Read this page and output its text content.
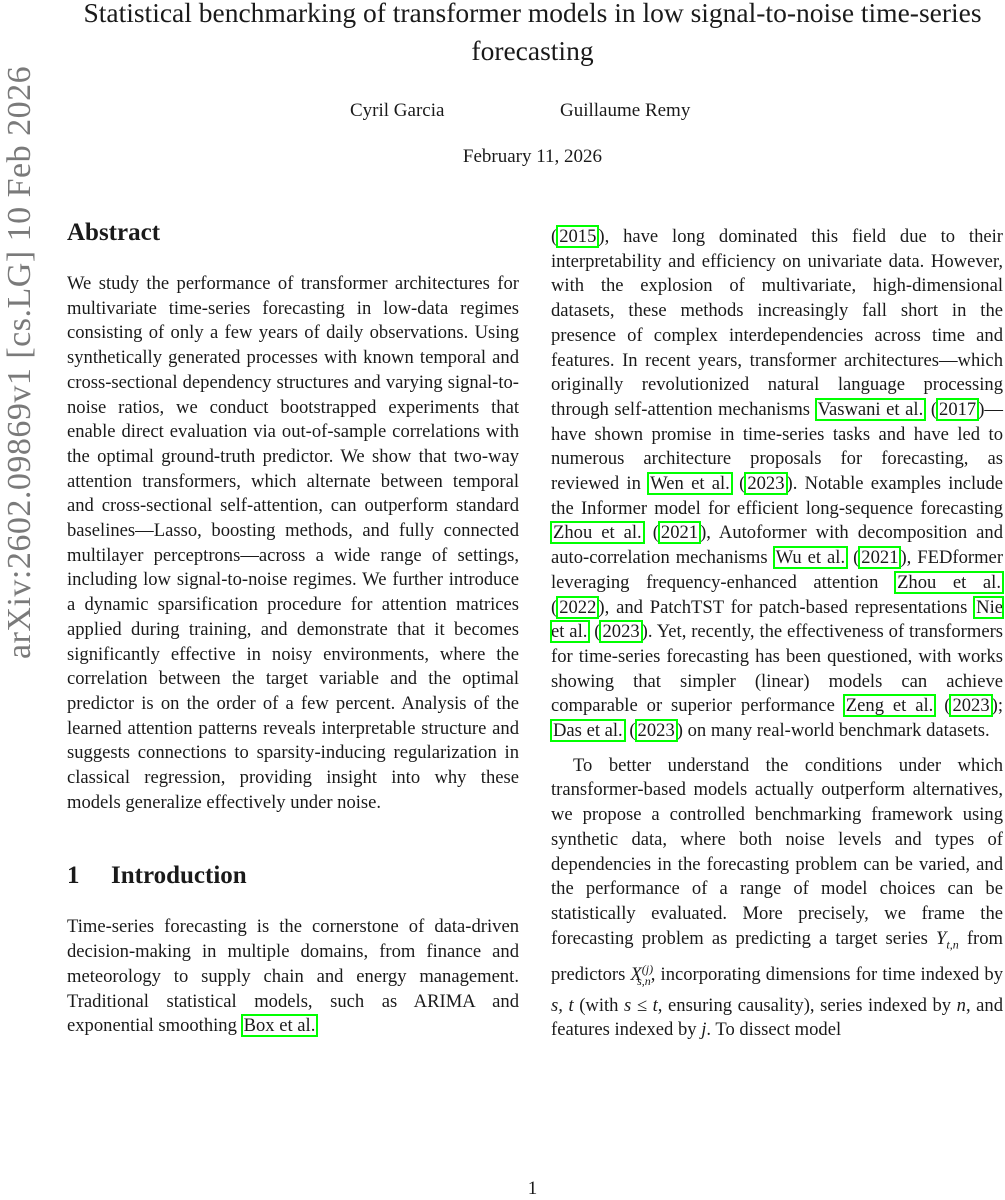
Statistical benchmarking of transformer models in low signal-to-noise time-series forecasting
Cyril Garcia	Guillaume Remy
February 11, 2026
arXiv:2602.09869v1 [cs.LG] 10 Feb 2026 Abstract

We study the performance of transformer architectures for multivariate time-series forecasting in low-data regimes consisting of only a few years of daily observations. Using synthetically generated processes with known temporal and cross-sectional dependency structures and varying signal-to-noise ratios, we conduct bootstrapped experiments that enable direct evaluation via out-of-sample correlations with the optimal ground-truth predictor. We show that two-way attention transformers, which alternate between temporal and cross-sectional self-attention, can outperform standard baselines—Lasso, boosting methods, and fully connected multilayer perceptrons—across a wide range of settings, including low signal-to-noise regimes. We further introduce a dynamic sparsification procedure for attention matrices applied during training, and demonstrate that it becomes significantly effective in noisy environments, where the correlation between the target variable and the optimal predictor is on the order of a few percent. Analysis of the learned attention patterns reveals interpretable structure and suggests connections to sparsity-inducing regularization in classical regression, providing insight into why these models generalize effectively under noise.

1 Introduction

Time-series forecasting is the cornerstone of data-driven decision-making in multiple domains, from finance and meteorology to supply chain and energy management. Traditional statistical models, such as ARIMA and exponential smoothing Box et al.

( 2015 ), have long dominated this field due to their interpretability and efficiency on univariate data. However, with the explosion of multivariate, high-dimensional datasets, these methods increasingly fall short in the presence of complex interdependencies across time and features. In recent years, transformer architectures—which originally revolutionized natural language processing through self-attention mechanisms Vaswani et al. ( 2017 )—have shown promise in time-series tasks and have led to numerous architecture proposals for forecasting, as reviewed in Wen et al. ( 2023 ). Notable examples include the Informer model for efficient long-sequence forecasting Zhou et al. ( 2021 ), Autoformer with decomposition and auto-correlation mechanisms Wu et al. ( 2021 ), FEDformer leveraging frequency-enhanced attention Zhou et al. ( 2022 ), and PatchTST for patch-based representations Nie et al. ( 2023 ). Yet, recently, the effectiveness of transformers for time-series forecasting has been questioned, with works showing that simpler (linear) models can achieve comparable or superior performance Zeng et al. ( 2023 ); Das et al. ( 2023 ) on many real-world benchmark datasets.

To better understand the conditions under which transformer-based models actually outperform alternatives, we propose a controlled benchmarking framework using synthetic data, where both noise levels and types of dependencies in the forecasting problem can be varied, and the performance of a range of model choices can be statistically evaluated. More precisely, we frame the forecasting problem as predicting a target series $Y_{t,n}$ from predictors $X^{(j)}_{s,n}$, incorporating dimensions for time indexed by s, t (with s ≤ t, ensuring causality), series indexed by n, and features indexed by j. To dissect model

1
